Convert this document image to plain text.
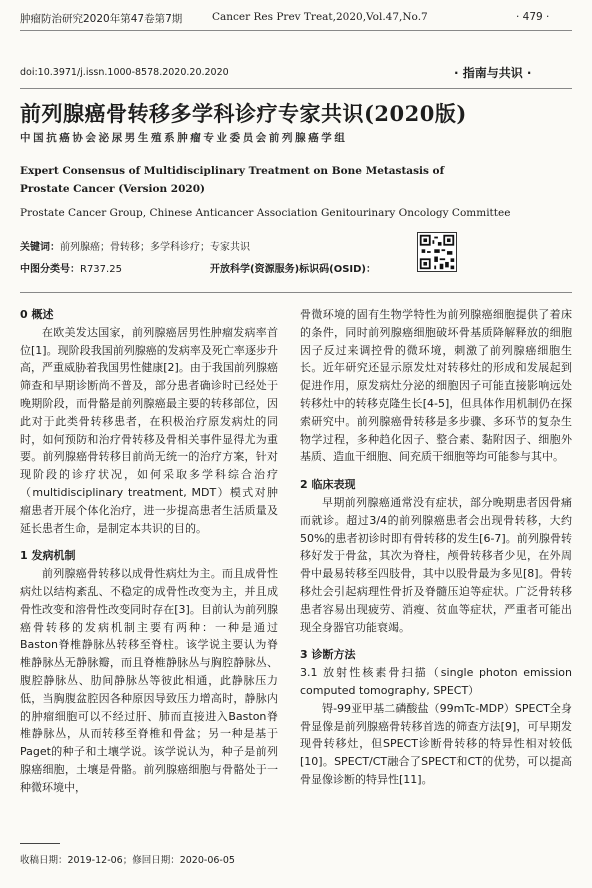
肿瘤防治研究2020年第47卷第7期	Cancer Res Prev Treat,2020,Vol.47,No.7	· 479 ·
doi:10.3971/j.issn.1000-8578.2020.20.2020	· 指南与共识 ·
前列腺癌骨转移多学科诊疗专家共识(2020版)
中国抗癌协会泌尿男生殖系肿瘤专业委员会前列腺癌学组
Expert Consensus of Multidisciplinary Treatment on Bone Metastasis of Prostate Cancer (Version 2020)
Prostate Cancer Group, Chinese Anticancer Association Genitourinary Oncology Committee
关键词：前列腺癌；骨转移；多学科诊疗；专家共识
中图分类号：R737.25	开放科学(资源服务)标识码(OSID)：
0 概述

在欧美发达国家，前列腺癌居男性肿瘤发病率首位[1]。现阶段我国前列腺癌的发病率及死亡率逐步升高，严重威胁着我国男性健康[2]。由于我国前列腺癌筛查和早期诊断尚不普及，部分患者确诊时已经处于晚期阶段，而骨骼是前列腺癌最主要的转移部位，因此对于此类骨转移患者，在积极治疗原发病灶的同时，如何预防和治疗骨转移及骨相关事件显得尤为重要。前列腺癌骨转移目前尚无统一的治疗方案，针对现阶段的诊疗状况，如何采取多学科综合治疗（multidisciplinary treatment, MDT）模式对肿瘤患者开展个体化治疗，进一步提高患者生活质量及延长患者生命，是制定本共识的目的。

1 发病机制

前列腺癌骨转移以成骨性病灶为主。而且成骨性病灶以结构紊乱、不稳定的成骨性改变为主，并且成骨性改变和溶骨性改变同时存在[3]。目前认为前列腺癌骨转移的发病机制主要有两种：一种是通过Baston脊椎静脉丛转移至脊柱。该学说主要认为脊椎静脉丛无静脉瓣，而且脊椎静脉丛与胸腔静脉丛、腹腔静脉丛、肋间静脉丛等彼此相通，此静脉压力低，当胸腹盆腔因各种原因导致压力增高时，静脉内的肿瘤细胞可以不经过肝、肺而直接进入Baston脊椎静脉丛，从而转移至脊椎和骨盆；另一种是基于Paget的种子和土壤学说。该学说认为，种子是前列腺癌细胞，土壤是骨骼。前列腺癌细胞与骨骼处于一种微环境中，

骨微环境的固有生物学特性为前列腺癌细胞提供了着床的条件，同时前列腺癌细胞破坏骨基质降解释放的细胞因子反过来调控骨的微环境，刺激了前列腺癌细胞生长。近年研究还显示原发灶对转移灶的形成和发展起到促进作用，原发病灶分泌的细胞因子可能直接影响远处转移灶中的转移克隆生长[4-5]，但具体作用机制仍在探索研究中。前列腺癌骨转移是多步骤、多环节的复杂生物学过程，多种趋化因子、整合素、黏附因子、细胞外基质、造血干细胞、间充质干细胞等均可能参与其中。

2 临床表现

早期前列腺癌通常没有症状，部分晚期患者因骨痛而就诊。超过3/4的前列腺癌患者会出现骨转移，大约50%的患者初诊时即有骨转移的发生[6-7]。前列腺骨转移好发于骨盆，其次为脊柱，颅骨转移者少见，在外周骨中最易转移至四肢骨，其中以股骨最为多见[8]。骨转移灶会引起病理性骨折及脊髓压迫等症状。广泛骨转移患者容易出现疲劳、消瘦、贫血等症状，严重者可能出现全身器官功能衰竭。

3 诊断方法

3.1 放射性核素骨扫描（single photon emission computed tomography, SPECT）

锝-99亚甲基二磷酸盐（99mTc-MDP）SPECT全身骨显像是前列腺癌骨转移首选的筛查方法[9]，可早期发现骨转移灶，但SPECT诊断骨转移的特异性相对较低[10]。SPECT/CT融合了SPECT和CT的优势，可以提高骨显像诊断的特异性[11]。

收稿日期：2019-12-06；修回日期：2020-06-05
